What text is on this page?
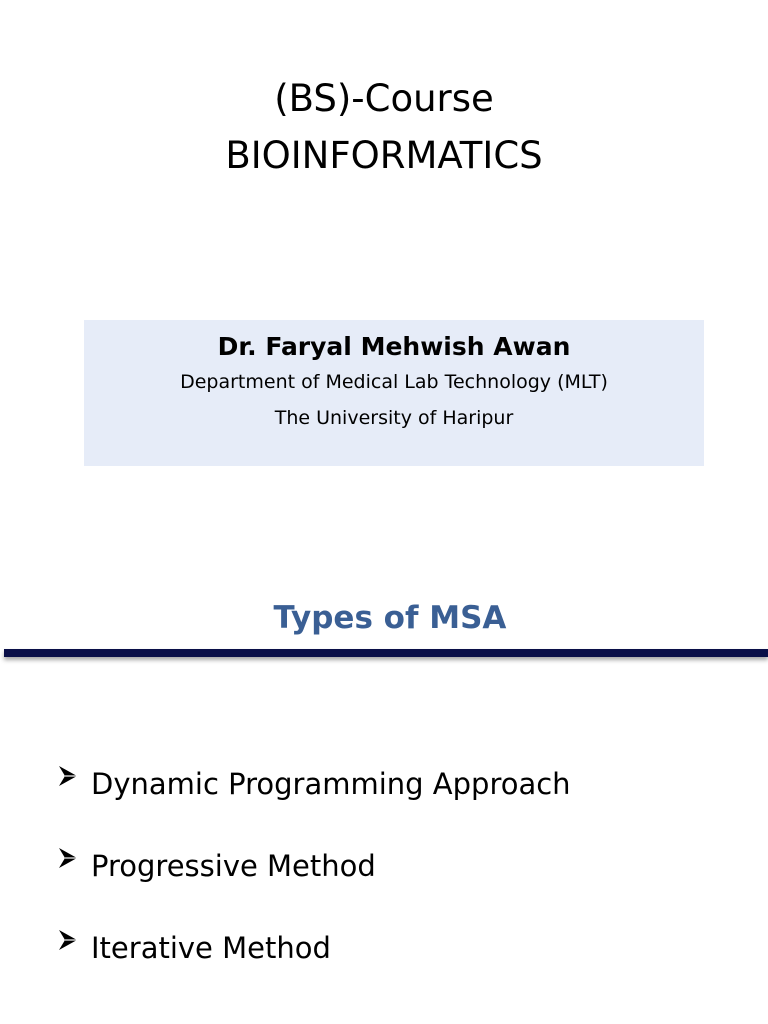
(BS)-Course
BIOINFORMATICS
Dr. Faryal Mehwish Awan
Department of Medical Lab Technology (MLT)
The University of Haripur
Types of MSA
Dynamic Programming Approach
Progressive Method
Iterative Method
